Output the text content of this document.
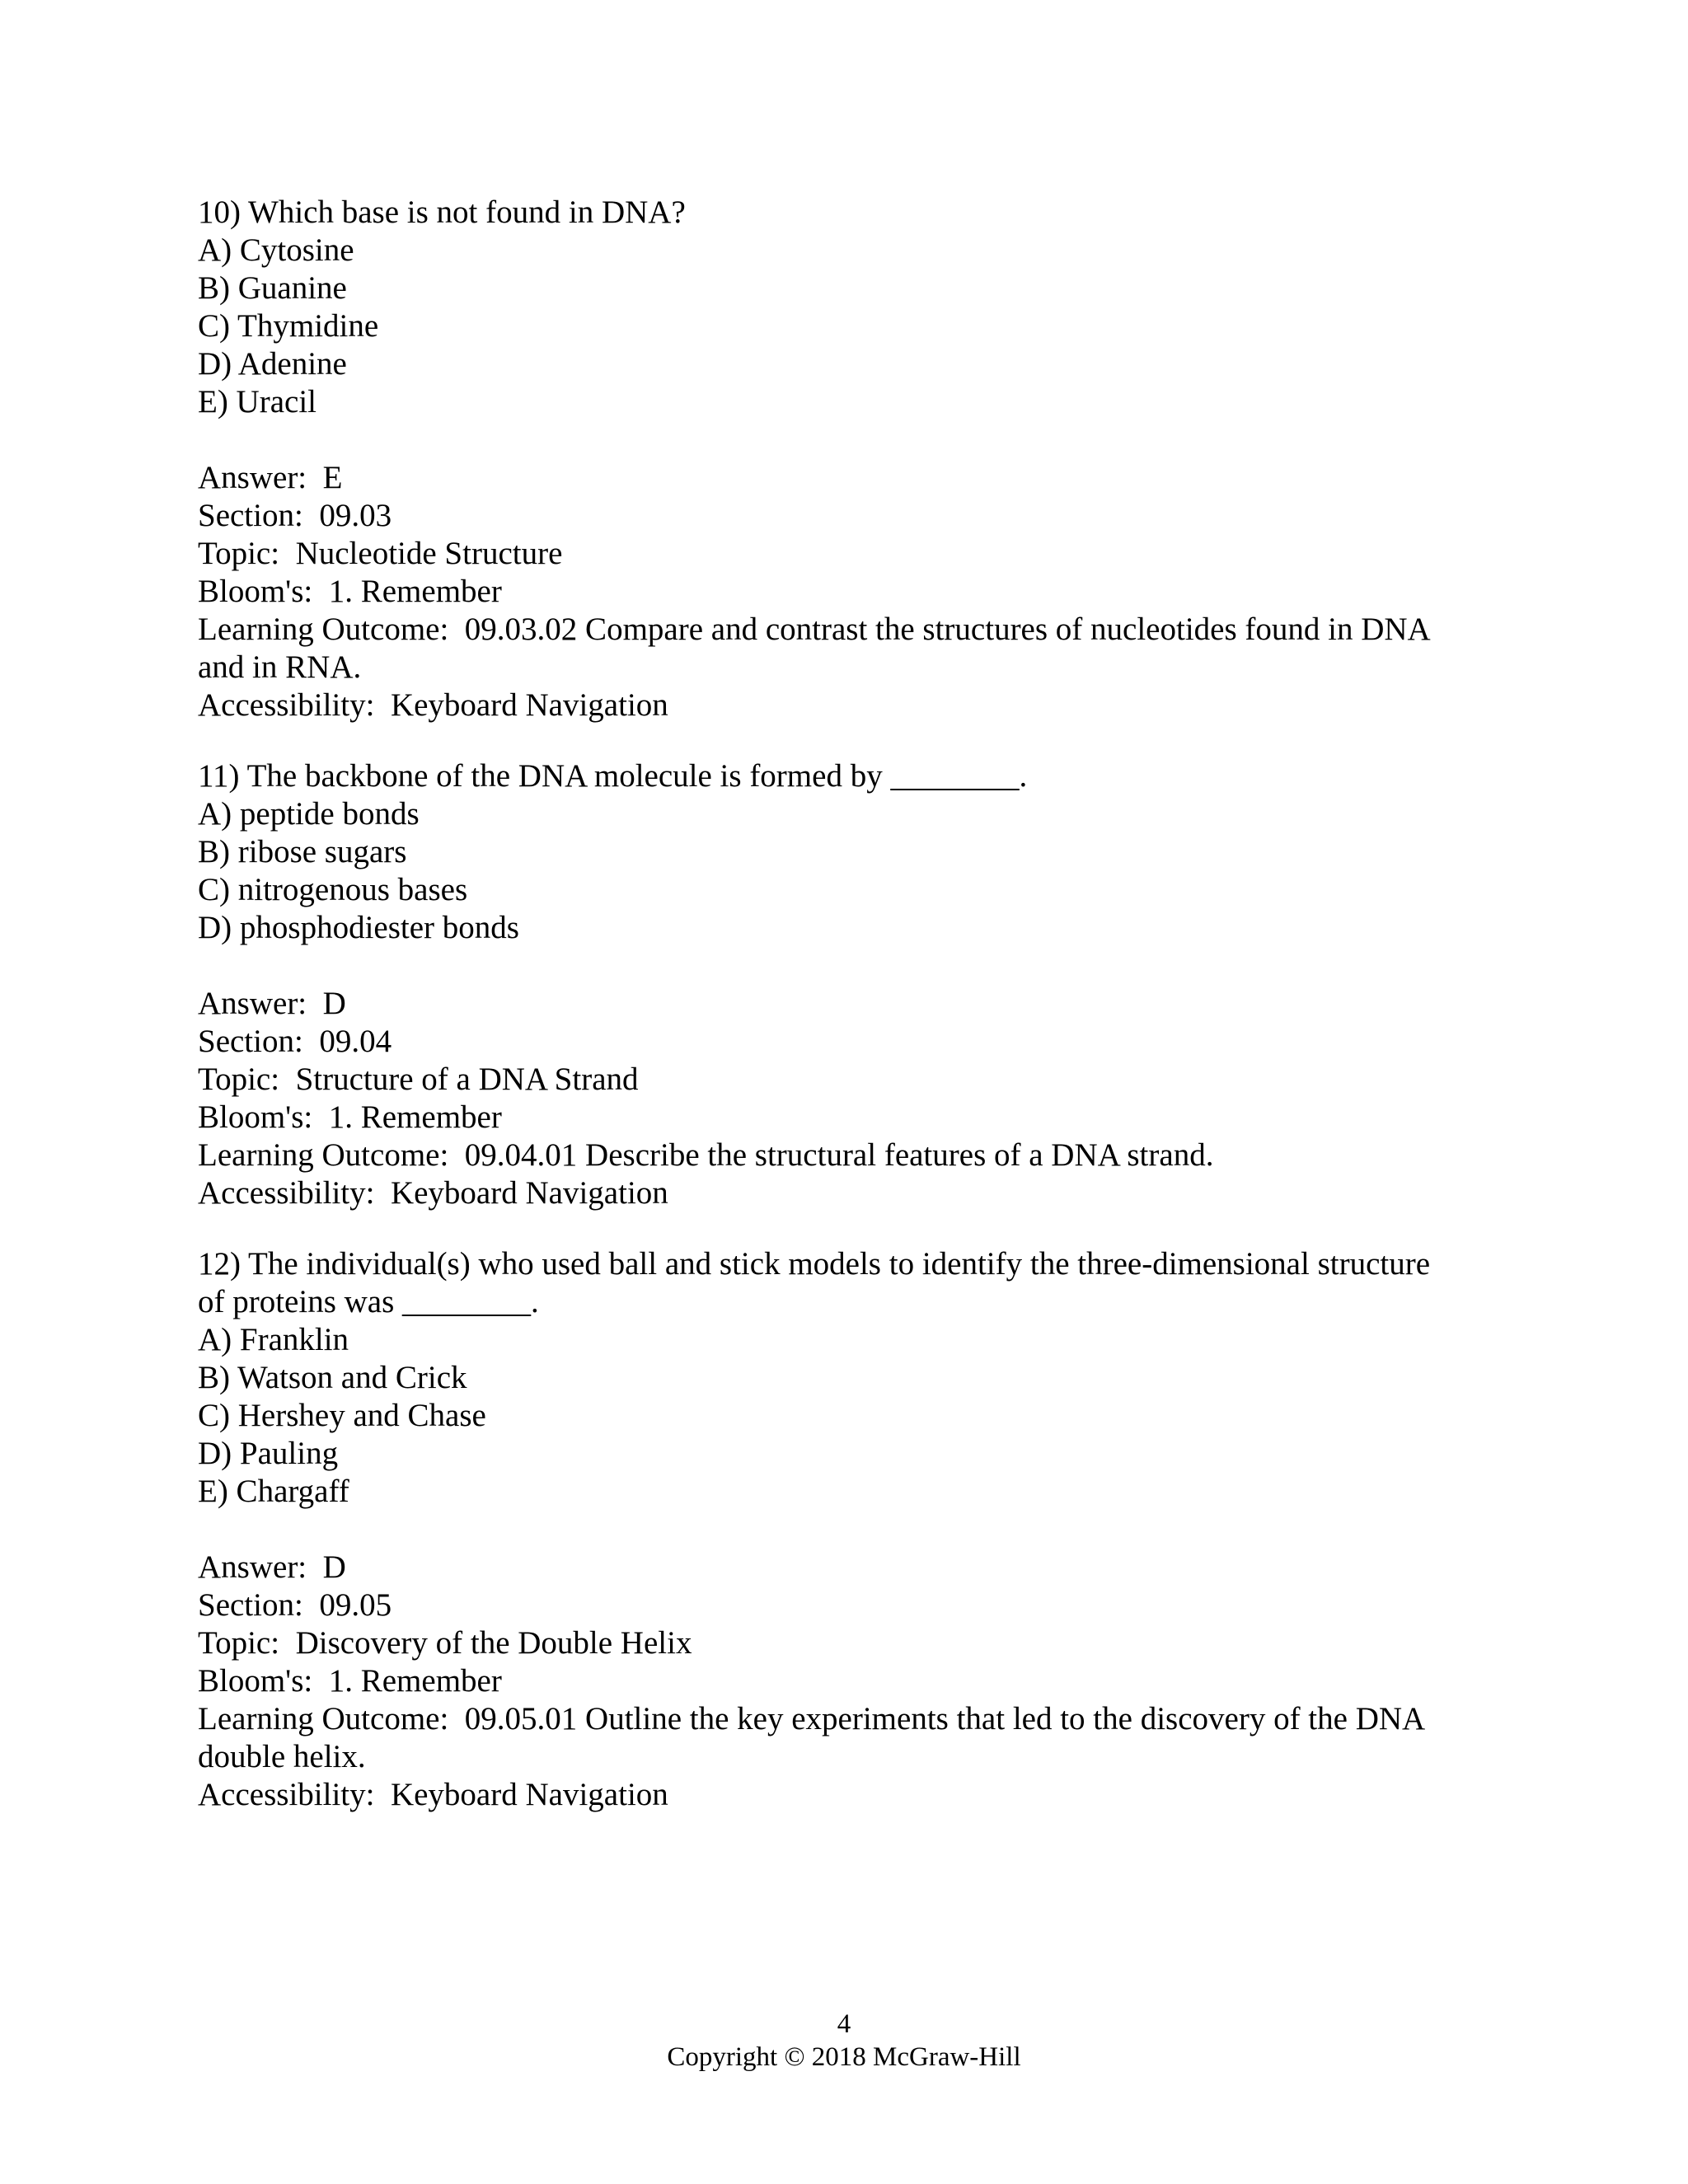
10) Which base is not found in DNA?
A) Cytosine
B) Guanine
C) Thymidine
D) Adenine
E) Uracil
Answer:  E
Section:  09.03
Topic:  Nucleotide Structure
Bloom's:  1. Remember
Learning Outcome:  09.03.02 Compare and contrast the structures of nucleotides found in DNA
and in RNA.
Accessibility:  Keyboard Navigation
11) The backbone of the DNA molecule is formed by ________.
A) peptide bonds
B) ribose sugars
C) nitrogenous bases
D) phosphodiester bonds
Answer:  D
Section:  09.04
Topic:  Structure of a DNA Strand
Bloom's:  1. Remember
Learning Outcome:  09.04.01 Describe the structural features of a DNA strand.
Accessibility:  Keyboard Navigation
12) The individual(s) who used ball and stick models to identify the three-dimensional structure
of proteins was ________.
A) Franklin
B) Watson and Crick
C) Hershey and Chase
D) Pauling
E) Chargaff
Answer:  D
Section:  09.05
Topic:  Discovery of the Double Helix
Bloom's:  1. Remember
Learning Outcome:  09.05.01 Outline the key experiments that led to the discovery of the DNA
double helix.
Accessibility:  Keyboard Navigation
4
Copyright © 2018 McGraw-Hill
